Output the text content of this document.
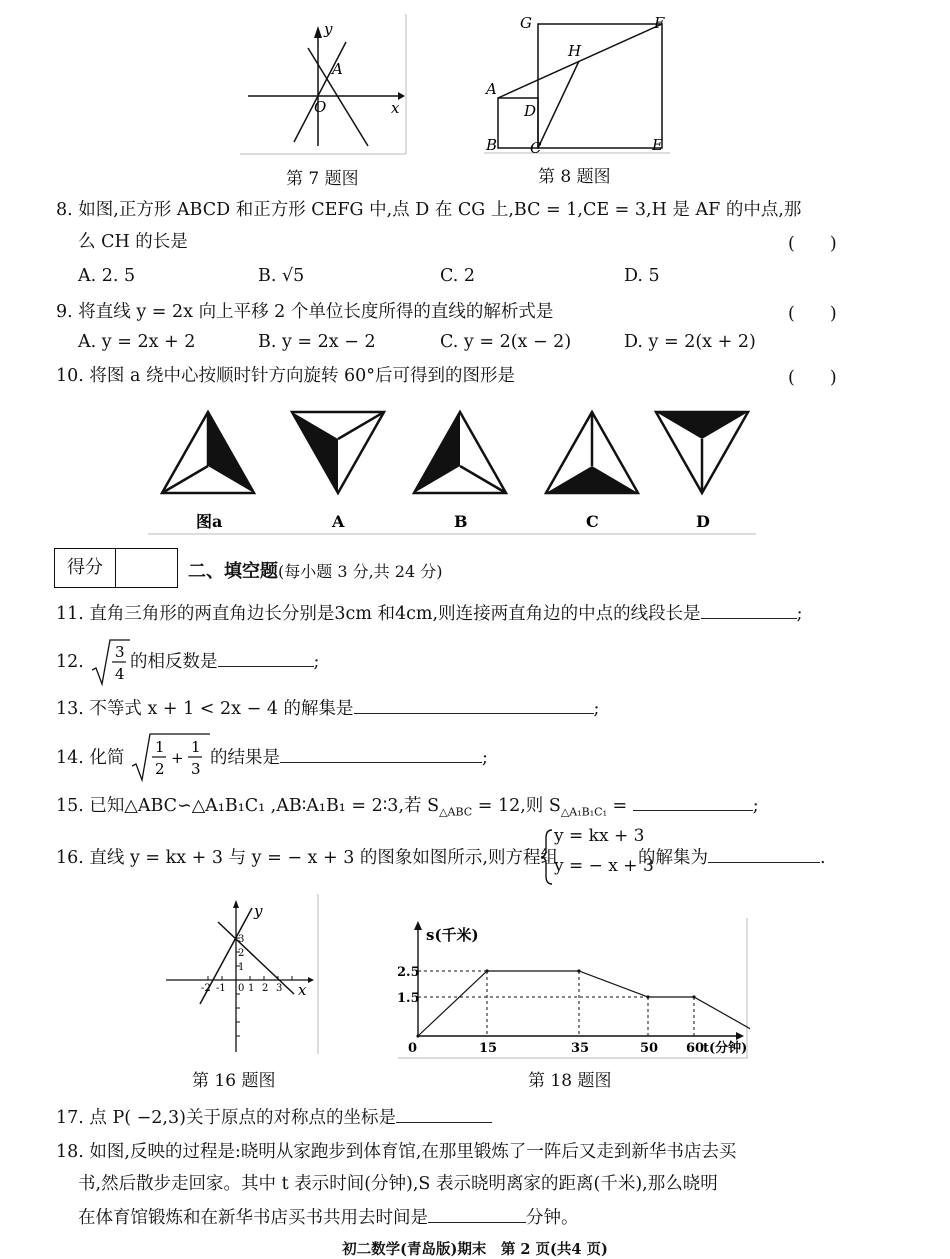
y
x
O
A
第 7 题图
G	F
H
A
D
B C	E
第 8 题图
8. 如图,正方形 ABCD 和正方形 CEFG 中,点 D 在 CG 上,BC = 1,CE = 3,H 是 AF 的中点,那
么 CH 的长是	(　　)
A. 2. 5	B. √5	C. 2	D. 5
9. 将直线 y = 2x 向上平移 2 个单位长度所得的直线的解析式是	(　　)
A. y = 2x + 2	B. y = 2x − 2	C. y = 2(x − 2)	D. y = 2(x + 2)
10. 将图 a 绕中心按顺时针方向旋转 60°后可得到的图形是	(　　)
图a	A	B	C	D
得分	二、填空题(每小题 3 分,共 24 分)
11. 直角三角形的两直角边长分别是3cm 和4cm,则连接两直角边的中点的线段长是	;
12. 3
4
的相反数是	;
13. 不等式 x + 1 < 2x − 4 的解集是	;
14. 化简
1
2
+
1
3
的结果是	;
15. 已知△ABC∽△A₁B₁C₁ ,AB∶A₁B₁ = 2∶3,若 $S_{\triangle ABC} = 12$,则 $S_{\triangle A_1B_1C_1}$ =	;
16. 直线 y = kx + 3 与 y = − x + 3 的图象如图所示,则方程组
y = kx + 3
y = − x + 3
的解集为	.
y
x
3
2
1
-2 -1 0 1 2 3
第 16 题图
s(千米)
t(分钟)
0
2.5
1.5
15	35	50 60
第 18 题图
17. 点 P( −2,3)关于原点的对称点的坐标是
18. 如图,反映的过程是:晓明从家跑步到体育馆,在那里锻炼了一阵后又走到新华书店去买
书,然后散步走回家。其中 t 表示时间(分钟),S 表示晓明离家的距离(千米),那么晓明
在体育馆锻炼和在新华书店买书共用去时间是	分钟。
初二数学(青岛版)期末　第 2 页(共4 页)
